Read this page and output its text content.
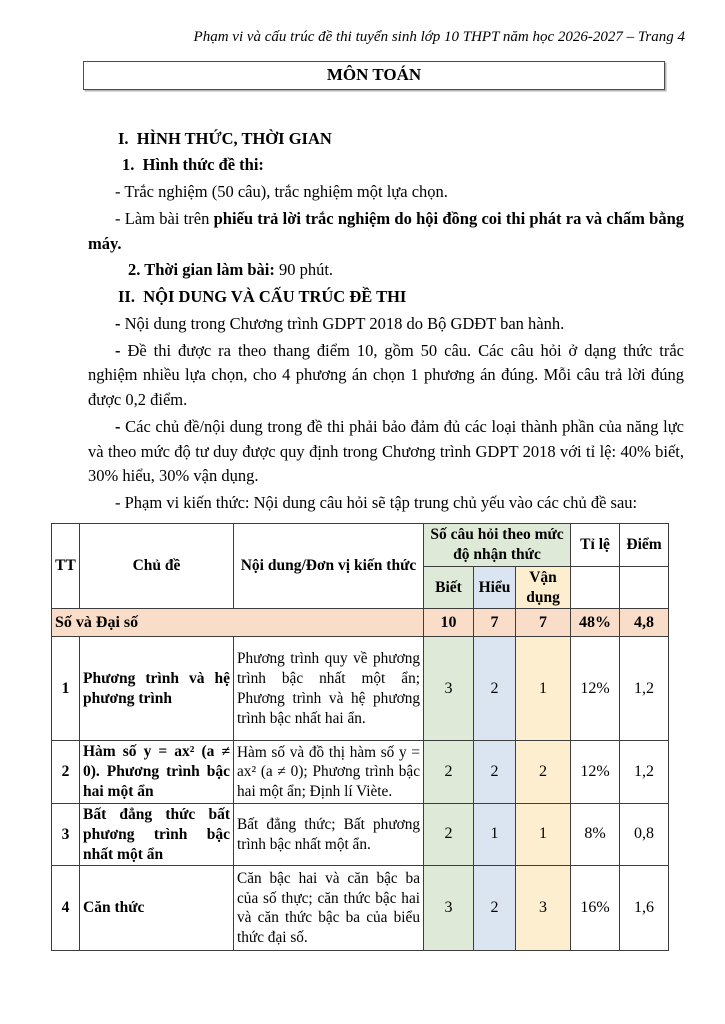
Phạm vi và cấu trúc đề thi tuyển sinh lớp 10 THPT năm học 2026-2027 – Trang 4
MÔN TOÁN

I.  HÌNH THỨC, THỜI GIAN

1.  Hình thức đề thi:

- Trắc nghiệm (50 câu), trắc nghiệm một lựa chọn.

- Làm bài trên phiếu trả lời trắc nghiệm do hội đồng coi thi phát ra và chấm bằng máy.

2. Thời gian làm bài: 90 phút.

II.  NỘI DUNG VÀ CẤU TRÚC ĐỀ THI

- Nội dung trong Chương trình GDPT 2018 do Bộ GDĐT ban hành.

- Đề thi được ra theo thang điểm 10, gồm 50 câu. Các câu hỏi ở dạng thức trắc nghiệm nhiều lựa chọn, cho 4 phương án chọn 1 phương án đúng. Mỗi câu trả lời đúng được 0,2 điểm.

- Các chủ đề/nội dung trong đề thi phải bảo đảm đủ các loại thành phần của năng lực và theo mức độ tư duy được quy định trong Chương trình GDPT 2018 với tỉ lệ: 40% biết, 30% hiểu, 30% vận dụng.

- Phạm vi kiến thức: Nội dung câu hỏi sẽ tập trung chủ yếu vào các chủ đề sau:

TT	Chủ đề	Nội dung/Đơn vị kiến thức	Số câu hỏi theo mức độ nhận thức			Tỉ lệ	Điểm
			Biết	Hiểu	Vận dụng		
Số và Đại số			10	7	7	48%	4,8
1	Phương trình và hệ phương trình	Phương trình quy về phương trình bậc nhất một ẩn; Phương trình và hệ phương trình bậc nhất hai ẩn.	3	2	1	12%	1,2
2	Hàm số y = ax² (a ≠ 0). Phương trình bậc hai một ẩn	Hàm số và đồ thị hàm số y = ax² (a ≠ 0); Phương trình bậc hai một ẩn; Định lí Viète.	2	2	2	12%	1,2
3	Bất đẳng thức bất phương trình bậc nhất một ẩn	Bất đẳng thức; Bất phương trình bậc nhất một ẩn.	2	1	1	8%	0,8
4	Căn thức	Căn bậc hai và căn bậc ba của số thực; căn thức bậc hai và căn thức bậc ba của biểu thức đại số.	3	2	3	16%	1,6
